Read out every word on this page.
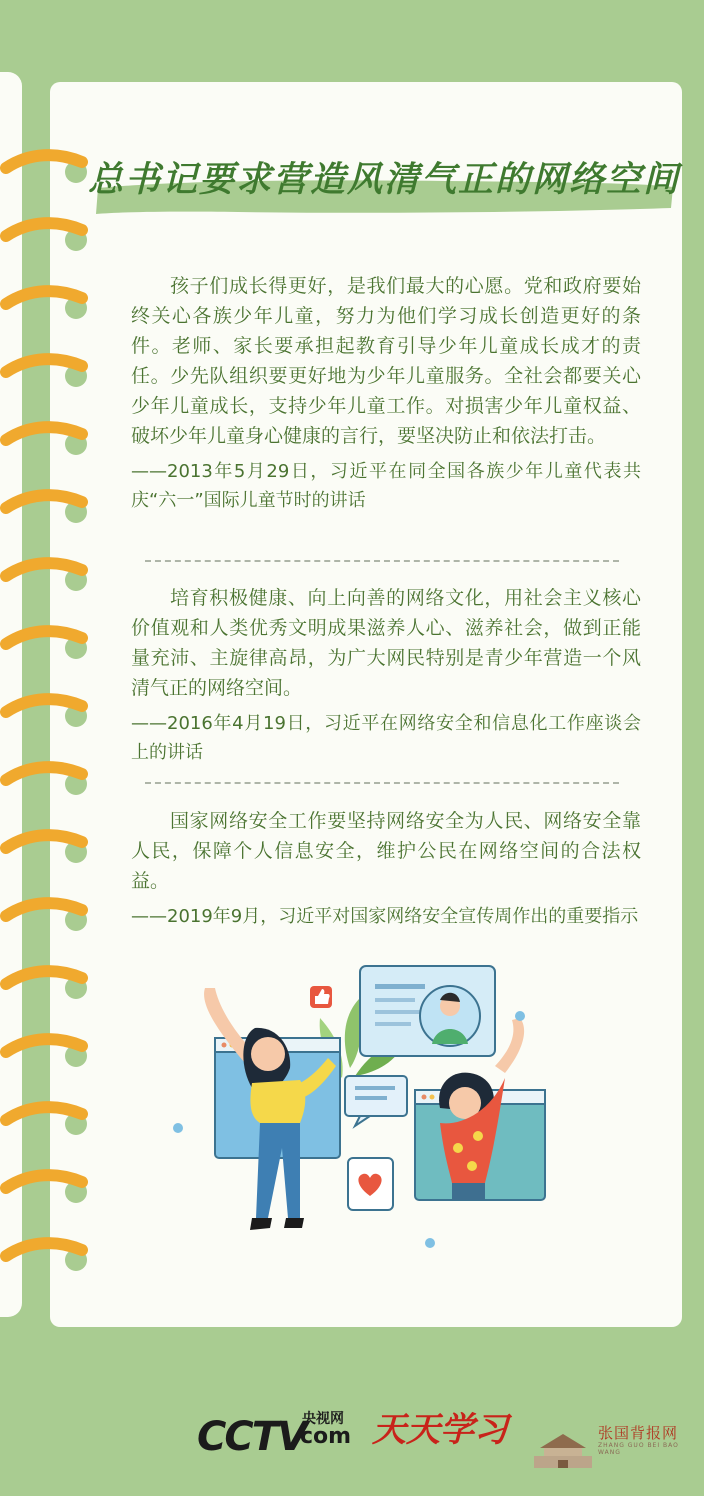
总书记要求营造风清气正的网络空间

孩子们成长得更好，是我们最大的心愿。党和政府要始终关心各族少年儿童，努力为他们学习成长创造更好的条件。老师、家长要承担起教育引导少年儿童成长成才的责任。少先队组织要更好地为少年儿童服务。全社会都要关心少年儿童成长，支持少年儿童工作。对损害少年儿童权益、破坏少年儿童身心健康的言行，要坚决防止和依法打击。

——2013年5月29日，习近平在同全国各族少年儿童代表共庆“六一”国际儿童节时的讲话

培育积极健康、向上向善的网络文化，用社会主义核心价值观和人类优秀文明成果滋养人心、滋养社会，做到正能量充沛、主旋律高昂，为广大网民特别是青少年营造一个风清气正的网络空间。

——2016年4月19日，习近平在网络安全和信息化工作座谈会上的讲话

国家网络安全工作要坚持网络安全为人民、网络安全靠人民，保障个人信息安全，维护公民在网络空间的合法权益。

——2019年9月，习近平对国家网络安全宣传周作出的重要指示

CCTV
央视网
com 天天学习	张国背报网
ZHANG GUO BEI BAO WANG
